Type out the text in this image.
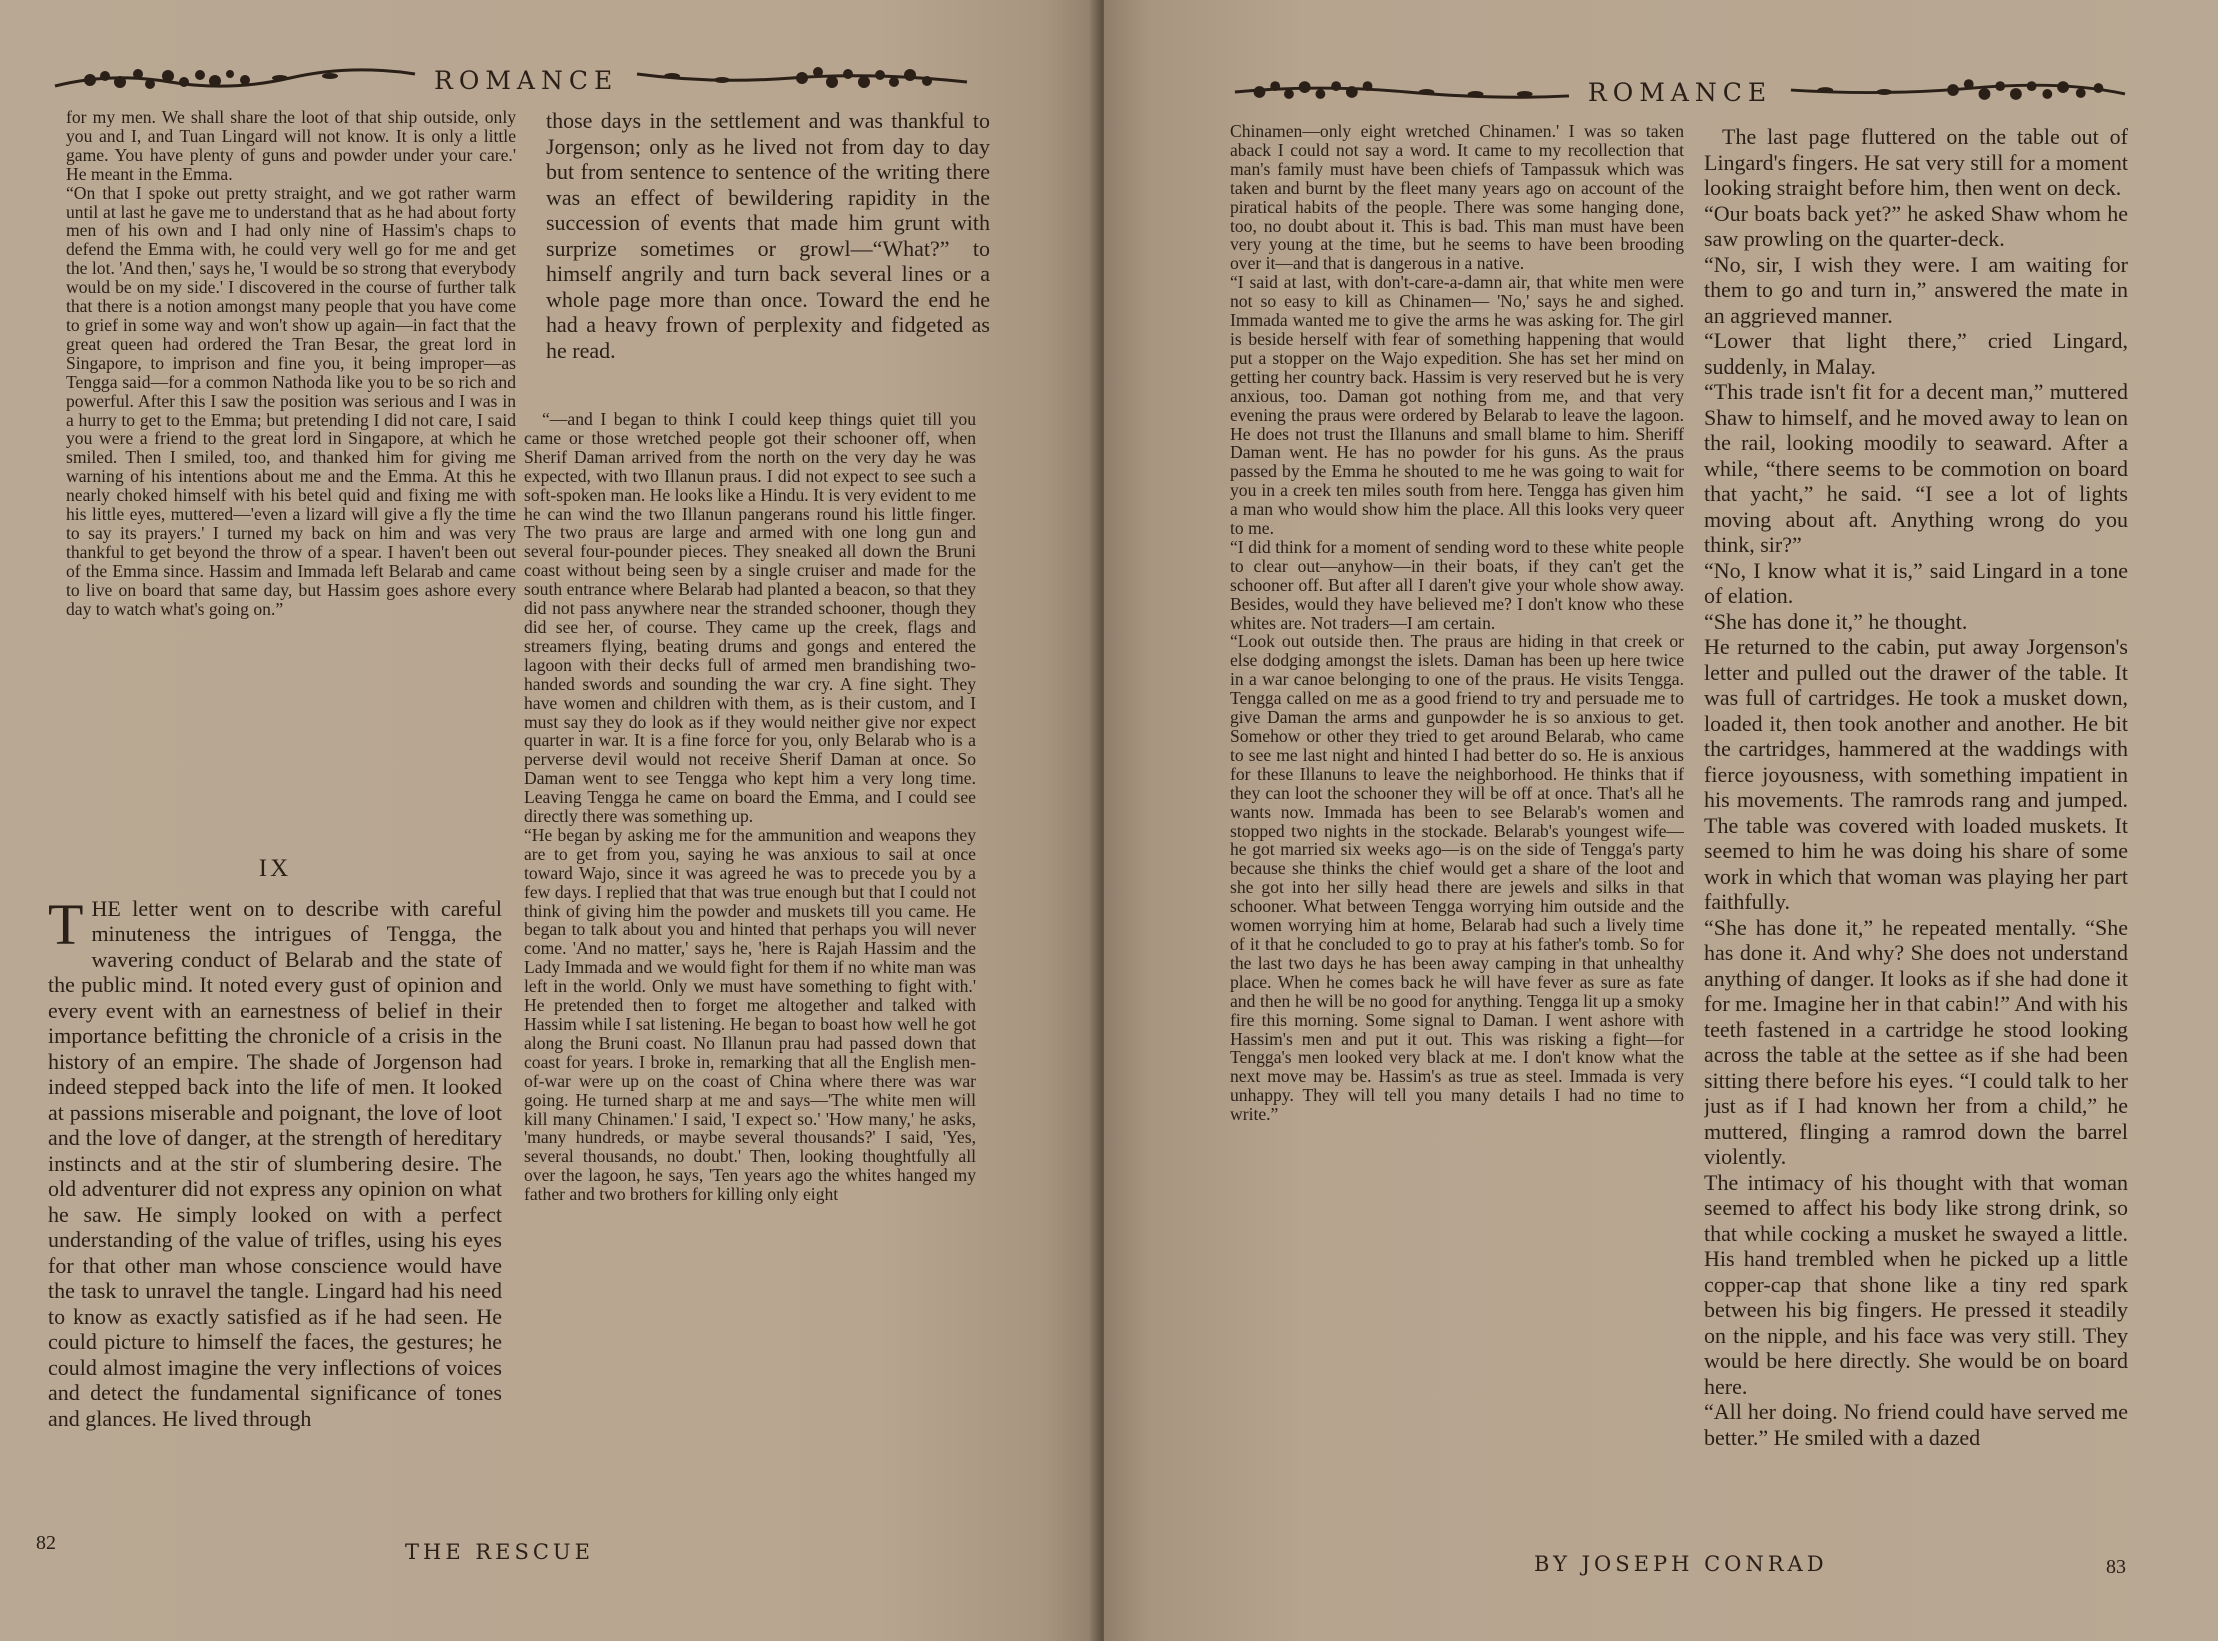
ROMANCE

for my men. We shall share the loot of that ship outside, only you and I, and Tuan Lingard will not know. It is only a little game. You have plenty of guns and powder under your care.' He meant in the Emma.
“On that I spoke out pretty straight, and we got rather warm until at last he gave me to understand that as he had about forty men of his own and I had only nine of Hassim's chaps to defend the Emma with, he could very well go for me and get the lot. 'And then,' says he, 'I would be so strong that everybody would be on my side.' I discovered in the course of further talk that there is a notion amongst many people that you have come to grief in some way and won't show up again—in fact that the great queen had ordered the Tran Besar, the great lord in Singapore, to imprison and fine you, it being improper—as Tengga said—for a common Nathoda like you to be so rich and powerful. After this I saw the position was serious and I was in a hurry to get to the Emma; but pretending I did not care, I said you were a friend to the great lord in Singapore, at which he smiled. Then I smiled, too, and thanked him for giving me warning of his intentions about me and the Emma. At this he nearly choked himself with his betel quid and fixing me with his little eyes, muttered—'even a lizard will give a fly the time to say its prayers.' I turned my back on him and was very thankful to get beyond the throw of a spear. I haven't been out of the Emma since. Hassim and Immada left Belarab and came to live on board that same day, but Hassim goes ashore every day to watch what's going on.”

IX

THE letter went on to describe with careful minuteness the intrigues of Tengga, the wavering conduct of Belarab and the state of the public mind. It noted every gust of opinion and every event with an earnestness of belief in their importance befitting the chronicle of a crisis in the history of an empire. The shade of Jorgenson had indeed stepped back into the life of men. It looked at passions miserable and poignant, the love of loot and the love of danger, at the strength of hereditary instincts and at the stir of slumbering desire. The old adventurer did not express any opinion on what he saw. He simply looked on with a perfect understanding of the value of trifles, using his eyes for that other man whose conscience would have the task to unravel the tangle. Lingard had his need to know as exactly satisfied as if he had seen. He could picture to himself the faces, the gestures; he could almost imagine the very inflections of voices and detect the fundamental significance of tones and glances. He lived through

those days in the settlement and was thankful to Jorgenson; only as he lived not from day to day but from sentence to sentence of the writing there was an effect of bewildering rapidity in the succession of events that made him grunt with surprize sometimes or growl—“What?” to himself angrily and turn back several lines or a whole page more than once. Toward the end he had a heavy frown of perplexity and fidgeted as he read.

“—and I began to think I could keep things quiet till you came or those wretched people got their schooner off, when Sherif Daman arrived from the north on the very day he was expected, with two Illanun praus. I did not expect to see such a soft-spoken man. He looks like a Hindu. It is very evident to me he can wind the two Illanun pangerans round his little finger. The two praus are large and armed with one long gun and several four-pounder pieces. They sneaked all down the Bruni coast without being seen by a single cruiser and made for the south entrance where Belarab had planted a beacon, so that they did not pass anywhere near the stranded schooner, though they did see her, of course. They came up the creek, flags and streamers flying, beating drums and gongs and entered the lagoon with their decks full of armed men brandishing two-handed swords and sounding the war cry. A fine sight. They have women and children with them, as is their custom, and I must say they do look as if they would neither give nor expect quarter in war. It is a fine force for you, only Belarab who is a perverse devil would not receive Sherif Daman at once. So Daman went to see Tengga who kept him a very long time. Leaving Tengga he came on board the Emma, and I could see directly there was something up.
“He began by asking me for the ammunition and weapons they are to get from you, saying he was anxious to sail at once toward Wajo, since it was agreed he was to precede you by a few days. I replied that that was true enough but that I could not think of giving him the powder and muskets till you came. He began to talk about you and hinted that perhaps you will never come. 'And no matter,' says he, 'here is Rajah Hassim and the Lady Immada and we would fight for them if no white man was left in the world. Only we must have something to fight with.' He pretended then to forget me altogether and talked with Hassim while I sat listening. He began to boast how well he got along the Bruni coast. No Illanun prau had passed down that coast for years. I broke in, remarking that all the English men-of-war were up on the coast of China where there was war going. He turned sharp at me and says—'The white men will kill many Chinamen.' I said, 'I expect so.' 'How many,' he asks, 'many hundreds, or maybe several thousands?' I said, 'Yes, several thousands, no doubt.' Then, looking thoughtfully all over the lagoon, he says, 'Ten years ago the whites hanged my father and two brothers for killing only eight

82	THE RESCUE
ROMANCE

Chinamen—only eight wretched Chinamen.' I was so taken aback I could not say a word. It came to my recollection that man's family must have been chiefs of Tampassuk which was taken and burnt by the fleet many years ago on account of the piratical habits of the people. There was some hanging done, too, no doubt about it. This is bad. This man must have been very young at the time, but he seems to have been brooding over it—and that is dangerous in a native.
“I said at last, with don't-care-a-damn air, that white men were not so easy to kill as Chinamen— 'No,' says he and sighed. Immada wanted me to give the arms he was asking for. The girl is beside herself with fear of something happening that would put a stopper on the Wajo expedition. She has set her mind on getting her country back. Hassim is very reserved but he is very anxious, too. Daman got nothing from me, and that very evening the praus were ordered by Belarab to leave the lagoon. He does not trust the Illanuns and small blame to him. Sheriff Daman went. He has no powder for his guns. As the praus passed by the Emma he shouted to me he was going to wait for you in a creek ten miles south from here. Tengga has given him a man who would show him the place. All this looks very queer to me.
“I did think for a moment of sending word to these white people to clear out—anyhow—in their boats, if they can't get the schooner off. But after all I daren't give your whole show away. Besides, would they have believed me? I don't know who these whites are. Not traders—I am certain.
“Look out outside then. The praus are hiding in that creek or else dodging amongst the islets. Daman has been up here twice in a war canoe belonging to one of the praus. He visits Tengga. Tengga called on me as a good friend to try and persuade me to give Daman the arms and gunpowder he is so anxious to get. Somehow or other they tried to get around Belarab, who came to see me last night and hinted I had better do so. He is anxious for these Illanuns to leave the neighborhood. He thinks that if they can loot the schooner they will be off at once. That's all he wants now. Immada has been to see Belarab's women and stopped two nights in the stockade. Belarab's youngest wife—he got married six weeks ago—is on the side of Tengga's party because she thinks the chief would get a share of the loot and she got into her silly head there are jewels and silks in that schooner. What between Tengga worrying him outside and the women worrying him at home, Belarab had such a lively time of it that he concluded to go to pray at his father's tomb. So for the last two days he has been away camping in that unhealthy place. When he comes back he will have fever as sure as fate and then he will be no good for anything. Tengga lit up a smoky fire this morning. Some signal to Daman. I went ashore with Hassim's men and put it out. This was risking a fight—for Tengga's men looked very black at me. I don't know what the next move may be. Hassim's as true as steel. Immada is very unhappy. They will tell you many details I had no time to write.”

The last page fluttered on the table out of Lingard's fingers. He sat very still for a moment looking straight before him, then went on deck.
“Our boats back yet?” he asked Shaw whom he saw prowling on the quarter-deck.
“No, sir, I wish they were. I am waiting for them to go and turn in,” answered the mate in an aggrieved manner.
“Lower that light there,” cried Lingard, suddenly, in Malay.
“This trade isn't fit for a decent man,” muttered Shaw to himself, and he moved away to lean on the rail, looking moodily to seaward. After a while, “there seems to be commotion on board that yacht,” he said. “I see a lot of lights moving about aft. Anything wrong do you think, sir?”
“No, I know what it is,” said Lingard in a tone of elation.
“She has done it,” he thought.
He returned to the cabin, put away Jorgenson's letter and pulled out the drawer of the table. It was full of cartridges. He took a musket down, loaded it, then took another and another. He bit the cartridges, hammered at the waddings with fierce joyousness, with something impatient in his movements. The ramrods rang and jumped. The table was covered with loaded muskets. It seemed to him he was doing his share of some work in which that woman was playing her part faithfully.
“She has done it,” he repeated mentally. “She has done it. And why? She does not understand anything of danger. It looks as if she had done it for me. Imagine her in that cabin!” And with his teeth fastened in a cartridge he stood looking across the table at the settee as if she had been sitting there before his eyes. “I could talk to her just as if I had known her from a child,” he muttered, flinging a ramrod down the barrel violently.
The intimacy of his thought with that woman seemed to affect his body like strong drink, so that while cocking a musket he swayed a little. His hand trembled when he picked up a little copper-cap that shone like a tiny red spark between his big fingers. He pressed it steadily on the nipple, and his face was very still. They would be here directly. She would be on board here.
“All her doing. No friend could have served me better.” He smiled with a dazed

BY JOSEPH CONRAD	83
